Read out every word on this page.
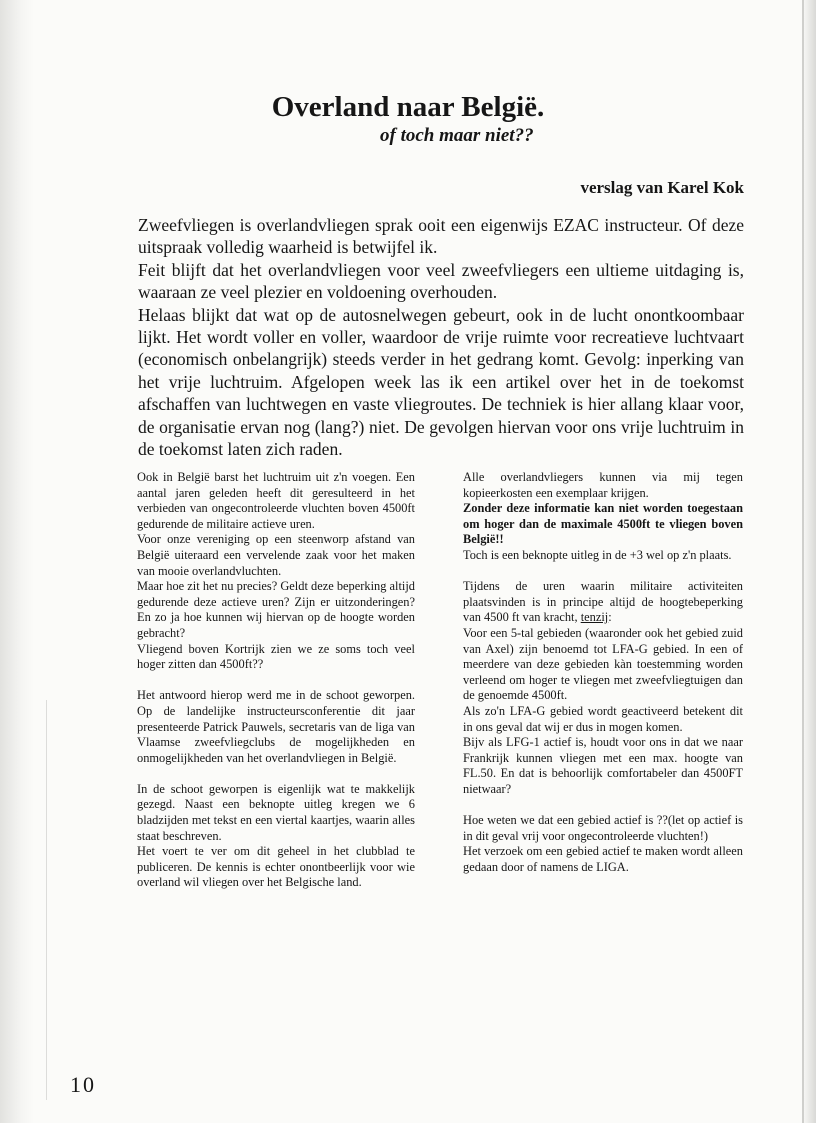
Overland naar België.
of toch maar niet??
verslag van Karel Kok

Zweefvliegen is overlandvliegen sprak ooit een eigenwijs EZAC instructeur. Of deze uitspraak volledig waarheid is betwijfel ik.

Feit blijft dat het overlandvliegen voor veel zweefvliegers een ultieme uitdaging is, waaraan ze veel plezier en voldoening overhouden.

Helaas blijkt dat wat op de autosnelwegen gebeurt, ook in de lucht onontkoombaar lijkt. Het wordt voller en voller, waardoor de vrije ruimte voor recreatieve luchtvaart (economisch onbelangrijk) steeds verder in het gedrang komt. Gevolg: inperking van het vrije luchtruim. Afgelopen week las ik een artikel over het in de toekomst afschaffen van luchtwegen en vaste vliegroutes. De techniek is hier allang klaar voor, de organisatie ervan nog (lang?) niet. De gevolgen hiervan voor ons vrije luchtruim in de toekomst laten zich raden.

Ook in België barst het luchtruim uit z'n voegen. Een aantal jaren geleden heeft dit geresulteerd in het verbieden van ongecontroleerde vluchten boven 4500ft gedurende de militaire actieve uren.

Voor onze vereniging op een steenworp afstand van België uiteraard een vervelende zaak voor het maken van mooie overlandvluchten.

Maar hoe zit het nu precies? Geldt deze beperking altijd gedurende deze actieve uren? Zijn er uitzonderingen? En zo ja hoe kunnen wij hiervan op de hoogte worden gebracht?

Vliegend boven Kortrijk zien we ze soms toch veel hoger zitten dan 4500ft??

Het antwoord hierop werd me in de schoot geworpen. Op de landelijke instructeursconferentie dit jaar presenteerde Patrick Pauwels, secretaris van de liga van Vlaamse zweefvliegclubs de mogelijkheden en onmogelijkheden van het overlandvliegen in België.

In de schoot geworpen is eigenlijk wat te makkelijk gezegd. Naast een beknopte uitleg kregen we 6 bladzijden met tekst en een viertal kaartjes, waarin alles staat beschreven.

Het voert te ver om dit geheel in het clubblad te publiceren. De kennis is echter onontbeerlijk voor wie overland wil vliegen over het Belgische land.

Alle overlandvliegers kunnen via mij tegen kopieerkosten een exemplaar krijgen.

Zonder deze informatie kan niet worden toegestaan om hoger dan de maximale 4500ft te vliegen boven België!!

Toch is een beknopte uitleg in de +3 wel op z'n plaats.

Tijdens de uren waarin militaire activiteiten plaatsvinden is in principe altijd de hoogtebeperking van 4500 ft van kracht, tenzij:

Voor een 5-tal gebieden (waaronder ook het gebied zuid van Axel) zijn benoemd tot LFA-G gebied. In een of meerdere van deze gebieden kàn toestemming worden verleend om hoger te vliegen met zweefvliegtuigen dan de genoemde 4500ft.

Als zo'n LFA-G gebied wordt geactiveerd betekent dit in ons geval dat wij er dus in mogen komen.

Bijv als LFG-1 actief is, houdt voor ons in dat we naar Frankrijk kunnen vliegen met een max. hoogte van FL.50. En dat is behoorlijk comfortabeler dan 4500FT nietwaar?

Hoe weten we dat een gebied actief is ??(let op actief is in dit geval vrij voor ongecontroleerde vluchten!)

Het verzoek om een gebied actief te maken wordt alleen gedaan door of namens de LIGA.

10
